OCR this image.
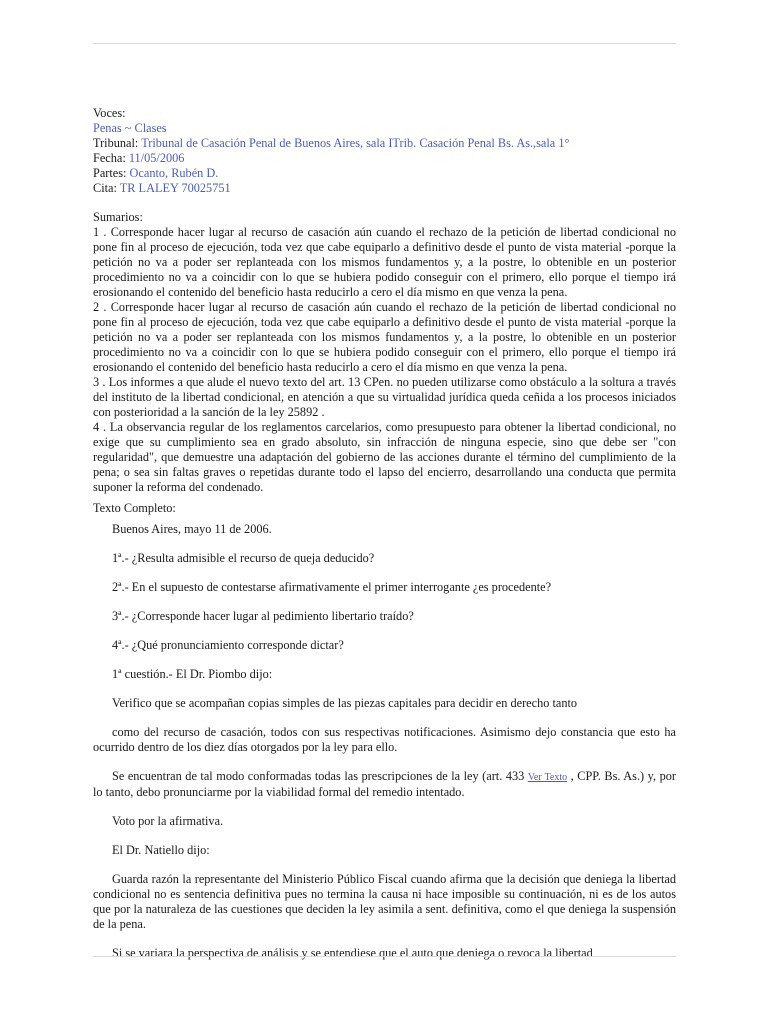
Voces:
Penas ~ Clases
Tribunal: Tribunal de Casación Penal de Buenos Aires, sala ITrib. Casación Penal Bs. As.,sala 1°
Fecha: 11/05/2006
Partes: Ocanto, Rubén D.
Cita: TR LALEY 70025751
Sumarios:
1 . Corresponde hacer lugar al recurso de casación aún cuando el rechazo de la petición de libertad condicional no pone fin al proceso de ejecución, toda vez que cabe equiparlo a definitivo desde el punto de vista material -porque la petición no va a poder ser replanteada con los mismos fundamentos y, a la postre, lo obtenible en un posterior procedimiento no va a coincidir con lo que se hubiera podido conseguir con el primero, ello porque el tiempo irá erosionando el contenido del beneficio hasta reducirlo a cero el día mismo en que venza la pena.
2 . Corresponde hacer lugar al recurso de casación aún cuando el rechazo de la petición de libertad condicional no pone fin al proceso de ejecución, toda vez que cabe equiparlo a definitivo desde el punto de vista material -porque la petición no va a poder ser replanteada con los mismos fundamentos y, a la postre, lo obtenible en un posterior procedimiento no va a coincidir con lo que se hubiera podido conseguir con el primero, ello porque el tiempo irá erosionando el contenido del beneficio hasta reducirlo a cero el día mismo en que venza la pena.
3 . Los informes a que alude el nuevo texto del art. 13 CPen. no pueden utilizarse como obstáculo a la soltura a través del instituto de la libertad condicional, en atención a que su virtualidad jurídica queda ceñida a los procesos iniciados con posterioridad a la sanción de la ley 25892 .
4 . La observancia regular de los reglamentos carcelarios, como presupuesto para obtener la libertad condicional, no exige que su cumplimiento sea en grado absoluto, sin infracción de ninguna especie, sino que debe ser "con regularidad", que demuestre una adaptación del gobierno de las acciones durante el término del cumplimiento de la pena; o sea sin faltas graves o repetidas durante todo el lapso del encierro, desarrollando una conducta que permita suponer la reforma del condenado.
Texto Completo:

Buenos Aires, mayo 11 de 2006.

1ª.- ¿Resulta admisible el recurso de queja deducido?

2ª.- En el supuesto de contestarse afirmativamente el primer interrogante ¿es procedente?

3ª.- ¿Corresponde hacer lugar al pedimiento libertario traído?

4ª.- ¿Qué pronunciamiento corresponde dictar?

1ª cuestión.- El Dr. Piombo dijo:

Verifico que se acompañan copias simples de las piezas capitales para decidir en derecho tanto

como del recurso de casación, todos con sus respectivas notificaciones. Asimismo dejo constancia que esto ha ocurrido dentro de los diez días otorgados por la ley para ello.

Se encuentran de tal modo conformadas todas las prescripciones de la ley (art. 433 Ver Texto , CPP. Bs. As.) y, por lo tanto, debo pronunciarme por la viabilidad formal del remedio intentado.

Voto por la afirmativa.

El Dr. Natiello dijo:

Guarda razón la representante del Ministerio Público Fiscal cuando afirma que la decisión que deniega la libertad condicional no es sentencia definitiva pues no termina la causa ni hace imposible su continuación, ni es de los autos que por la naturaleza de las cuestiones que deciden la ley asimila a sent. definitiva, como el que deniega la suspensión de la pena.

Si se variara la perspectiva de análisis y se entendiese que el auto que deniega o revoca la libertad
